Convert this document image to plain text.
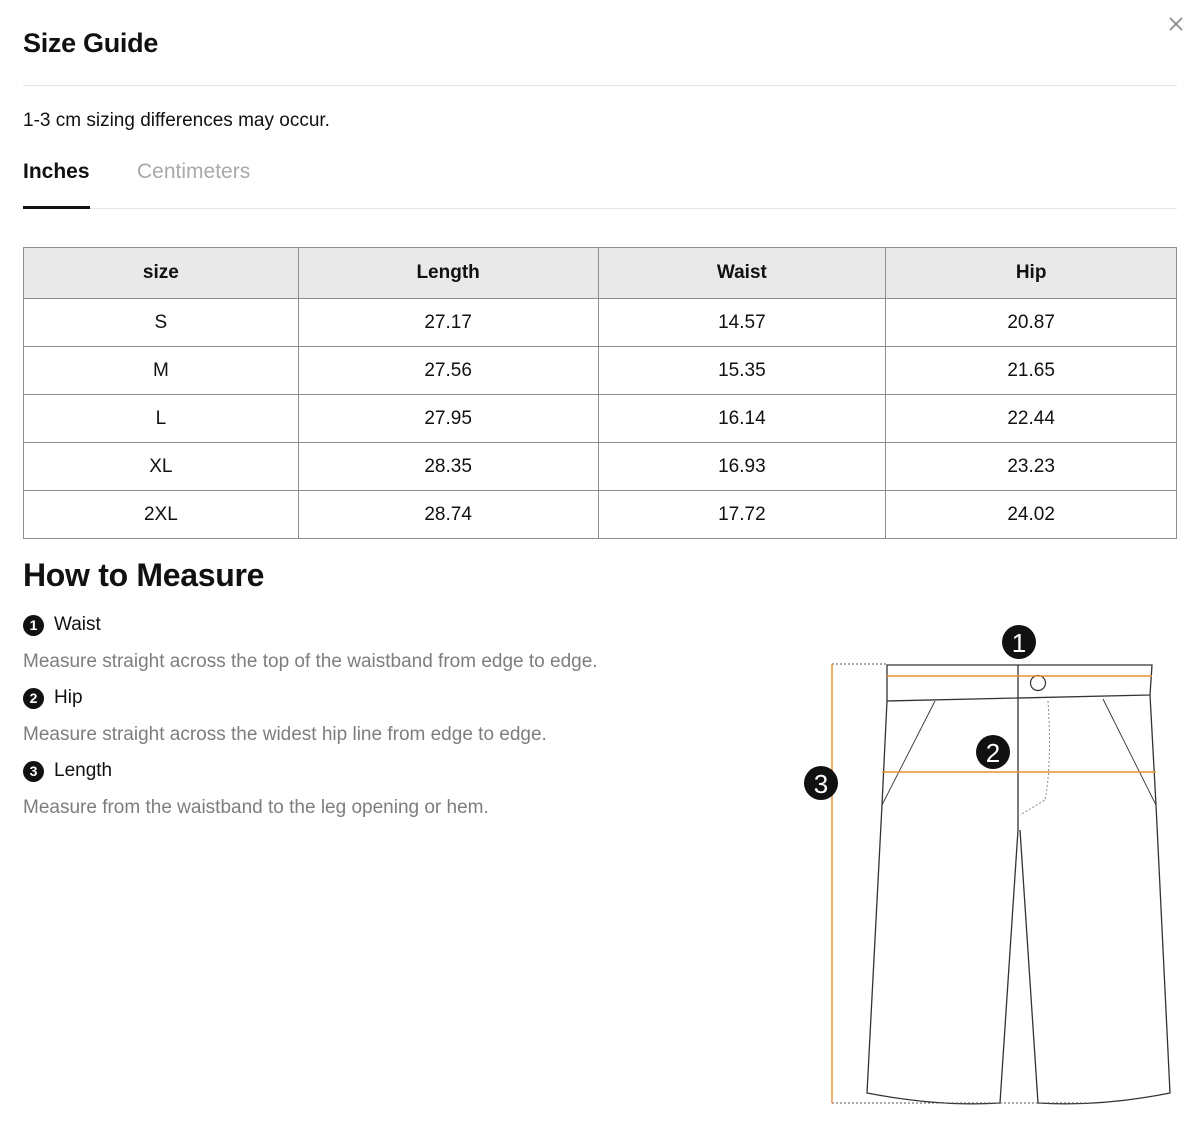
Size Guide
1-3 cm sizing differences may occur.
Inches Centimeters
size	Length	Waist	Hip
S	27.17	14.57	20.87
M	27.56	15.35	21.65
L	27.95	16.14	22.44
XL	28.35	16.93	23.23
2XL	28.74	17.72	24.02
How to Measure
1 Waist
Measure straight across the top of the waistband from edge to edge.
2 Hip
Measure straight across the widest hip line from edge to edge.
3 Length
Measure from the waistband to the leg opening or hem.
1
2
3
